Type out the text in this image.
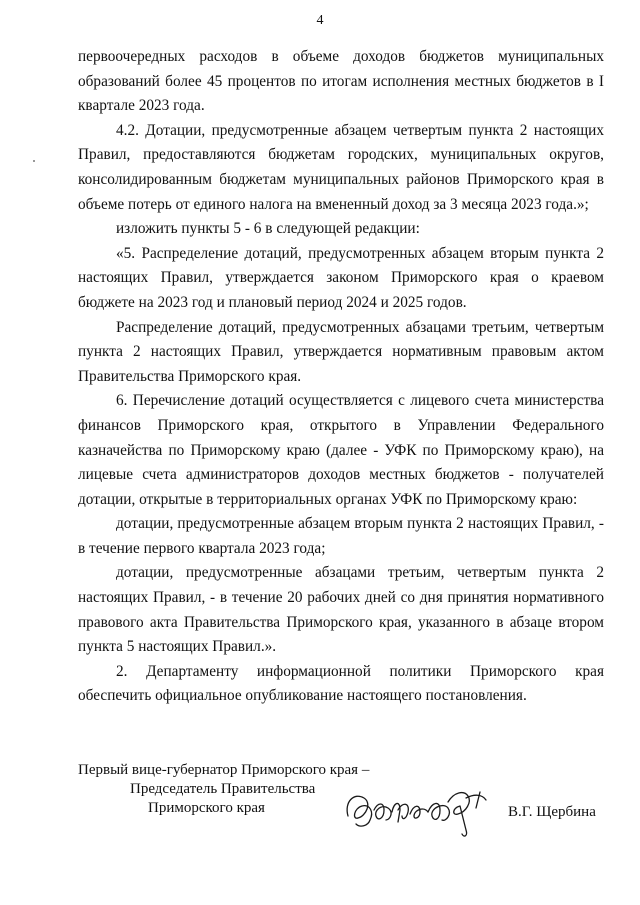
4

первоочередных расходов в объеме доходов бюджетов муниципальных образований более 45 процентов по итогам исполнения местных бюджетов в I квартале 2023 года.

4.2. Дотации, предусмотренные абзацем четвертым пункта 2 настоящих Правил, предоставляются бюджетам городских, муниципальных округов, консолидированным бюджетам муниципальных районов Приморского края в объеме потерь от единого налога на вмененный доход за 3 месяца 2023 года.»;

изложить пункты 5 - 6 в следующей редакции:

«5. Распределение дотаций, предусмотренных абзацем вторым пункта 2 настоящих Правил, утверждается законом Приморского края о краевом бюджете на 2023 год и плановый период 2024 и 2025 годов.

Распределение дотаций, предусмотренных абзацами третьим, четвертым пункта 2 настоящих Правил, утверждается нормативным правовым актом Правительства Приморского края.

6. Перечисление дотаций осуществляется с лицевого счета министерства финансов Приморского края, открытого в Управлении Федерального казначейства по Приморскому краю (далее - УФК по Приморскому краю), на лицевые счета администраторов доходов местных бюджетов - получателей дотации, открытые в территориальных органах УФК по Приморскому краю:

дотации, предусмотренные абзацем вторым пункта 2 настоящих Правил, - в течение первого квартала 2023 года;

дотации, предусмотренные абзацами третьим, четвертым пункта 2 настоящих Правил, - в течение 20 рабочих дней со дня принятия нормативного правового акта Правительства Приморского края, указанного в абзаце втором пункта 5 настоящих Правил.».

2. Департаменту информационной политики Приморского края обеспечить официальное опубликование настоящего постановления.

Первый вице-губернатор Приморского края –
Председатель Правительства
Приморского края	В.Г. Щербина
